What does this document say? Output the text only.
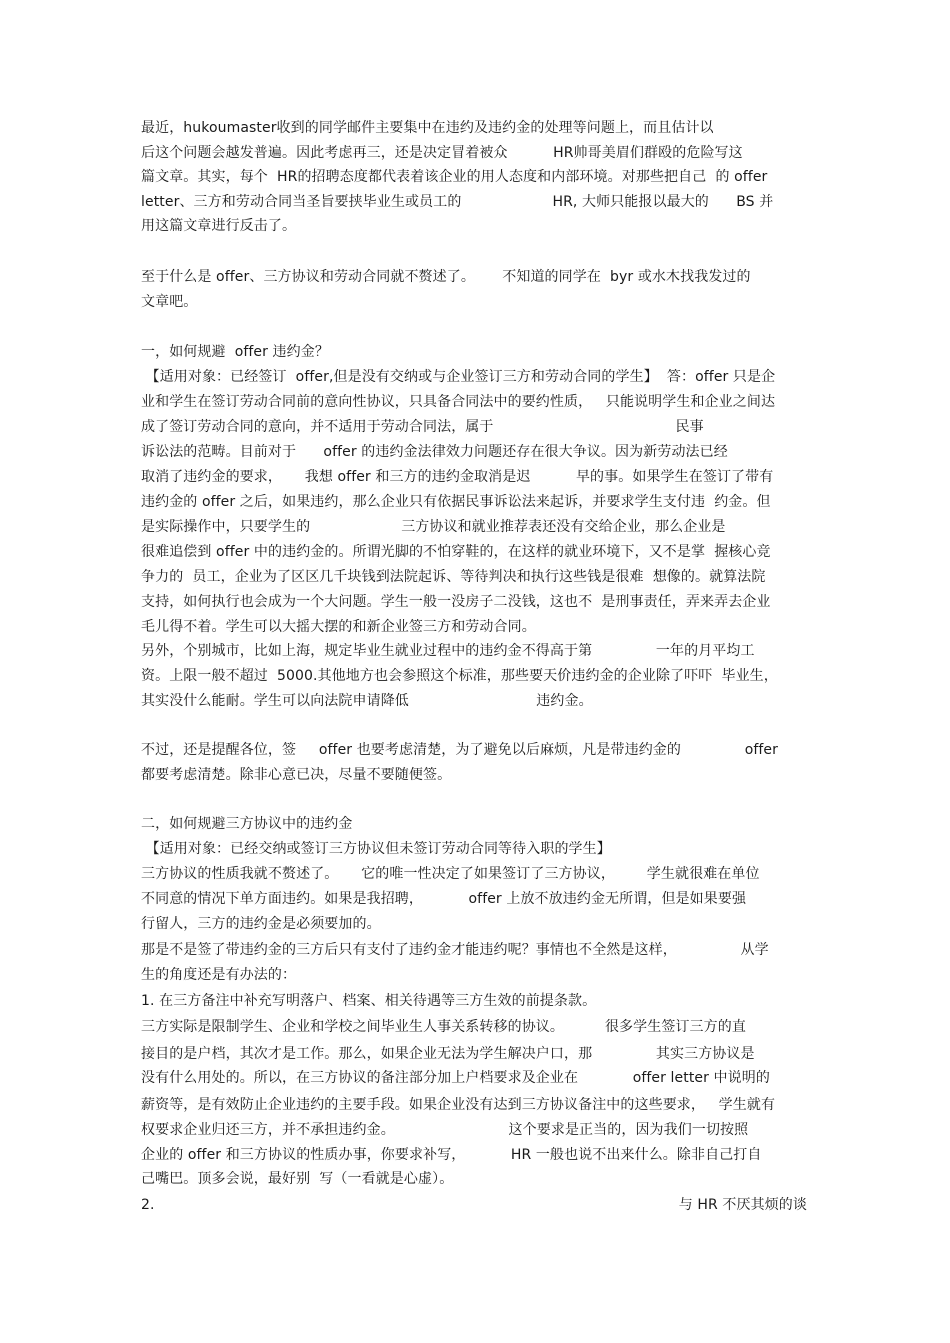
最近，hukoumaster收到的同学邮件主要集中在违约及违约金的处理等问题上，而且估计以
后这个问题会越发普遍。因此考虑再三，还是决定冒着被众          HR帅哥美眉们群殴的危险写这
篇文章。其实，每个  HR的招聘态度都代表着该企业的用人态度和内部环境。对那些把自己  的 offer
letter、三方和劳动合同当圣旨要挟毕业生或员工的                    HR, 大师只能报以最大的      BS 并
用这篇文章进行反击了。
至于什么是 offer、三方协议和劳动合同就不赘述了。      不知道的同学在  byr 或水木找我发过的
文章吧。
一，如何规避  offer 违约金？
【适用对象：已经签订  offer,但是没有交纳或与企业签订三方和劳动合同的学生】  答：offer 只是企
业和学生在签订劳动合同前的意向性协议，只具备合同法中的要约性质，   只能说明学生和企业之间达
成了签订劳动合同的意向，并不适用于劳动合同法，属于                                        民事
诉讼法的范畴。目前对于      offer 的违约金法律效力问题还存在很大争议。因为新劳动法已经
取消了违约金的要求，     我想 offer 和三方的违约金取消是迟          早的事。如果学生在签订了带有
违约金的 offer 之后，如果违约，那么企业只有依据民事诉讼法来起诉，并要求学生支付违  约金。但
是实际操作中，只要学生的                    三方协议和就业推荐表还没有交给企业，那么企业是
很难追偿到 offer 中的违约金的。所谓光脚的不怕穿鞋的，在这样的就业环境下，又不是掌  握核心竞
争力的  员工，企业为了区区几千块钱到法院起诉、等待判决和执行这些钱是很难  想像的。就算法院
支持，如何执行也会成为一个大问题。学生一般一没房子二没钱，这也不  是刑事责任，弄来弄去企业
毛儿得不着。学生可以大摇大摆的和新企业签三方和劳动合同。
另外，个别城市，比如上海，规定毕业生就业过程中的违约金不得高于第              一年的月平均工
资。上限一般不超过  5000.其他地方也会参照这个标准，那些要天价违约金的企业除了吓吓  毕业生，
其实没什么能耐。学生可以向法院申请降低                            违约金。
不过，还是提醒各位，签     offer 也要考虑清楚，为了避免以后麻烦，凡是带违约金的              offer
都要考虑清楚。除非心意已决，尽量不要随便签。
二，如何规避三方协议中的违约金
【适用对象：已经交纳或签订三方协议但未签订劳动合同等待入职的学生】
三方协议的性质我就不赘述了。     它的唯一性决定了如果签订了三方协议，       学生就很难在单位
不同意的情况下单方面违约。如果是我招聘，          offer 上放不放违约金无所谓，但是如果要强
行留人，三方的违约金是必须要加的。
那是不是签了带违约金的三方后只有支付了违约金才能违约呢？事情也不全然是这样，              从学
生的角度还是有办法的：
1. 在三方备注中补充写明落户、档案、相关待遇等三方生效的前提条款。
三方实际是限制学生、企业和学校之间毕业生人事关系转移的协议。         很多学生签订三方的直
接目的是户档，其次才是工作。那么，如果企业无法为学生解决户口，那              其实三方协议是
没有什么用处的。所以，在三方协议的备注部分加上户档要求及企业在            offer letter 中说明的
薪资等，是有效防止企业违约的主要手段。如果企业没有达到三方协议备注中的这些要求，   学生就有
权要求企业归还三方，并不承担违约金。                         这个要求是正当的，因为我们一切按照
企业的 offer 和三方协议的性质办事，你要求补写，          HR 一般也说不出来什么。除非自己打自
己嘴巴。顶多会说，最好别  写（一看就是心虚）。
2.	与 HR 不厌其烦的谈
